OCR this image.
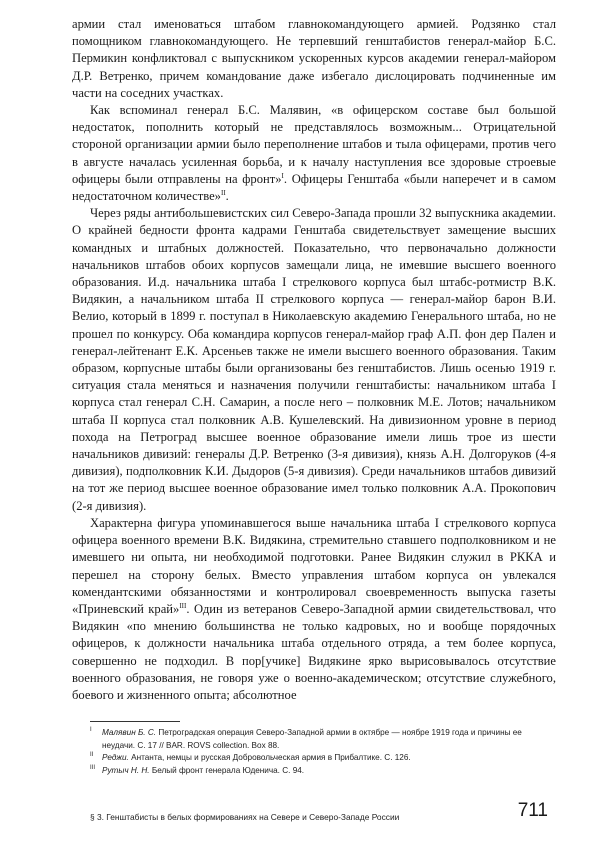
армии стал именоваться штабом главнокомандующего армией. Родзянко стал помощником главнокомандующего. Не терпевший генштабистов генерал-майор Б.С. Пермикин конфликтовал с выпускником ускоренных курсов академии генерал-майором Д.Р. Ветренко, причем командование даже избегало дислоцировать подчиненные им части на соседних участках.

Как вспоминал генерал Б.С. Малявин, «в офицерском составе был большой недостаток, пополнить который не представлялось возможным... Отрицательной стороной организации армии было переполнение штабов и тыла офицерами, против чего в августе началась усиленная борьба, и к началу наступления все здоровые строевые офицеры были отправлены на фронт»$^I$. Офицеры Генштаба «были наперечет и в самом недостаточном количестве»$^{II}$.

Через ряды антибольшевистских сил Северо-Запада прошли 32 выпускника академии. О крайней бедности фронта кадрами Генштаба свидетельствует замещение высших командных и штабных должностей. Показательно, что первоначально должности начальников штабов обоих корпусов замещали лица, не имевшие высшего военного образования. И.д. начальника штаба I стрелкового корпуса был штабс-ротмистр В.К. Видякин, а начальником штаба II стрелкового корпуса — генерал-майор барон В.И. Велио, который в 1899 г. поступал в Николаевскую академию Генерального штаба, но не прошел по конкурсу. Оба командира корпусов генерал-майор граф А.П. фон дер Пален и генерал-лейтенант Е.К. Арсеньев также не имели высшего военного образования. Таким образом, корпусные штабы были организованы без генштабистов. Лишь осенью 1919 г. ситуация стала меняться и назначения получили генштабисты: начальником штаба I корпуса стал генерал С.Н. Самарин, а после него – полковник М.Е. Лотов; начальником штаба II корпуса стал полковник А.В. Кушелевский. На дивизионном уровне в период похода на Петроград высшее военное образование имели лишь трое из шести начальников дивизий: генералы Д.Р. Ветренко (3-я дивизия), князь А.Н. Долгоруков (4-я дивизия), подполковник К.И. Дыдоров (5-я дивизия). Среди начальников штабов дивизий на тот же период высшее военное образование имел только полковник А.А. Прокопович (2-я дивизия).

Характерна фигура упоминавшегося выше начальника штаба I стрелкового корпуса офицера военного времени В.К. Видякина, стремительно ставшего подполковником и не имевшего ни опыта, ни необходимой подготовки. Ранее Видякин служил в РККА и перешел на сторону белых. Вместо управления штабом корпуса он увлекался комендантскими обязанностями и контролировал своевременность выпуска газеты «Приневский край»$^{III}$. Один из ветеранов Северо-Западной армии свидетельствовал, что Видякин «по мнению большинства не только кадровых, но и вообще порядочных офицеров, к должности начальника штаба отдельного отряда, а тем более корпуса, совершенно не подходил. В пор[учике] Видякине ярко вырисовывалось отсутствие военного образования, не говоря уже о военно-академическом; отсутствие служебного, боевого и жизненного опыта; абсолютное

I Малявин Б. С. Петроградская операция Северо-Западной армии в октябре — ноябре 1919 года и причины ее неудачи. С. 17 // BAR. ROVS collection. Box 88.

II Реджи. Антанта, немцы и русская Добровольческая армия в Прибалтике. С. 126.

III Рутыч Н. Н. Белый фронт генерала Юденича. С. 94.

§ 3. Генштабисты в белых формированиях на Севере и Северо-Западе России	711
